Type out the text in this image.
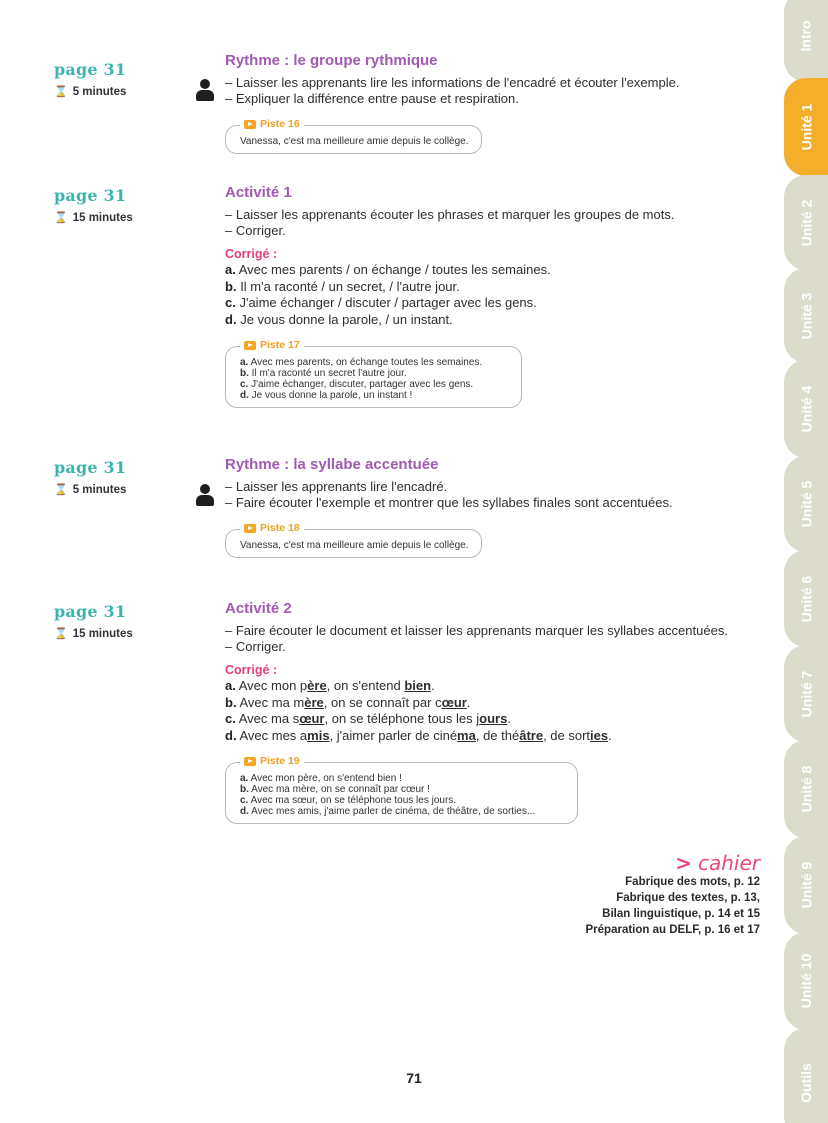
page 31
⌛ 5 minutes
Rythme : le groupe rythmique
– Laisser les apprenants lire les informations de l'encadré et écouter l'exemple.
– Expliquer la différence entre pause et respiration.
Piste 16
Vanessa, c'est ma meilleure amie depuis le collège.
page 31
⌛ 15 minutes
Activité 1
– Laisser les apprenants écouter les phrases et marquer les groupes de mots.
– Corriger.
Corrigé :
a. Avec mes parents / on échange / toutes les semaines.
b. Il m'a raconté / un secret, / l'autre jour.
c. J'aime échanger / discuter / partager avec les gens.
d. Je vous donne la parole, / un instant.
Piste 17
a. Avec mes parents, on échange toutes les semaines.
b. Il m'a raconté un secret l'autre jour.
c. J'aime échanger, discuter, partager avec les gens.
d. Je vous donne la parole, un instant !
page 31
⌛ 5 minutes
Rythme : la syllabe accentuée
– Laisser les apprenants lire l'encadré.
– Faire écouter l'exemple et montrer que les syllabes finales sont accentuées.
Piste 18
Vanessa, c'est ma meilleure amie depuis le collège.
page 31
⌛ 15 minutes
Activité 2
– Faire écouter le document et laisser les apprenants marquer les syllabes accentuées.
– Corriger.
Corrigé :
a. Avec mon père, on s'entend bien.
b. Avec ma mère, on se connaît par cœur.
c. Avec ma sœur, on se téléphone tous les jours.
d. Avec mes amis, j'aimer parler de cinéma, de théâtre, de sorties.
Piste 19
a. Avec mon père, on s'entend bien !
b. Avec ma mère, on se connaît par cœur !
c. Avec ma sœur, on se téléphone tous les jours.
d. Avec mes amis, j'aime parler de cinéma, de théâtre, de sorties...
> cahier
Fabrique des mots, p. 12
Fabrique des textes, p. 13,
Bilan linguistique, p. 14 et 15
Préparation au DELF, p. 16 et 17
71
Intro
Unité 1
Unité 2
Unité 3
Unité 4
Unité 5
Unité 6
Unité 7
Unité 8
Unité 9
Unité 10
Outils
